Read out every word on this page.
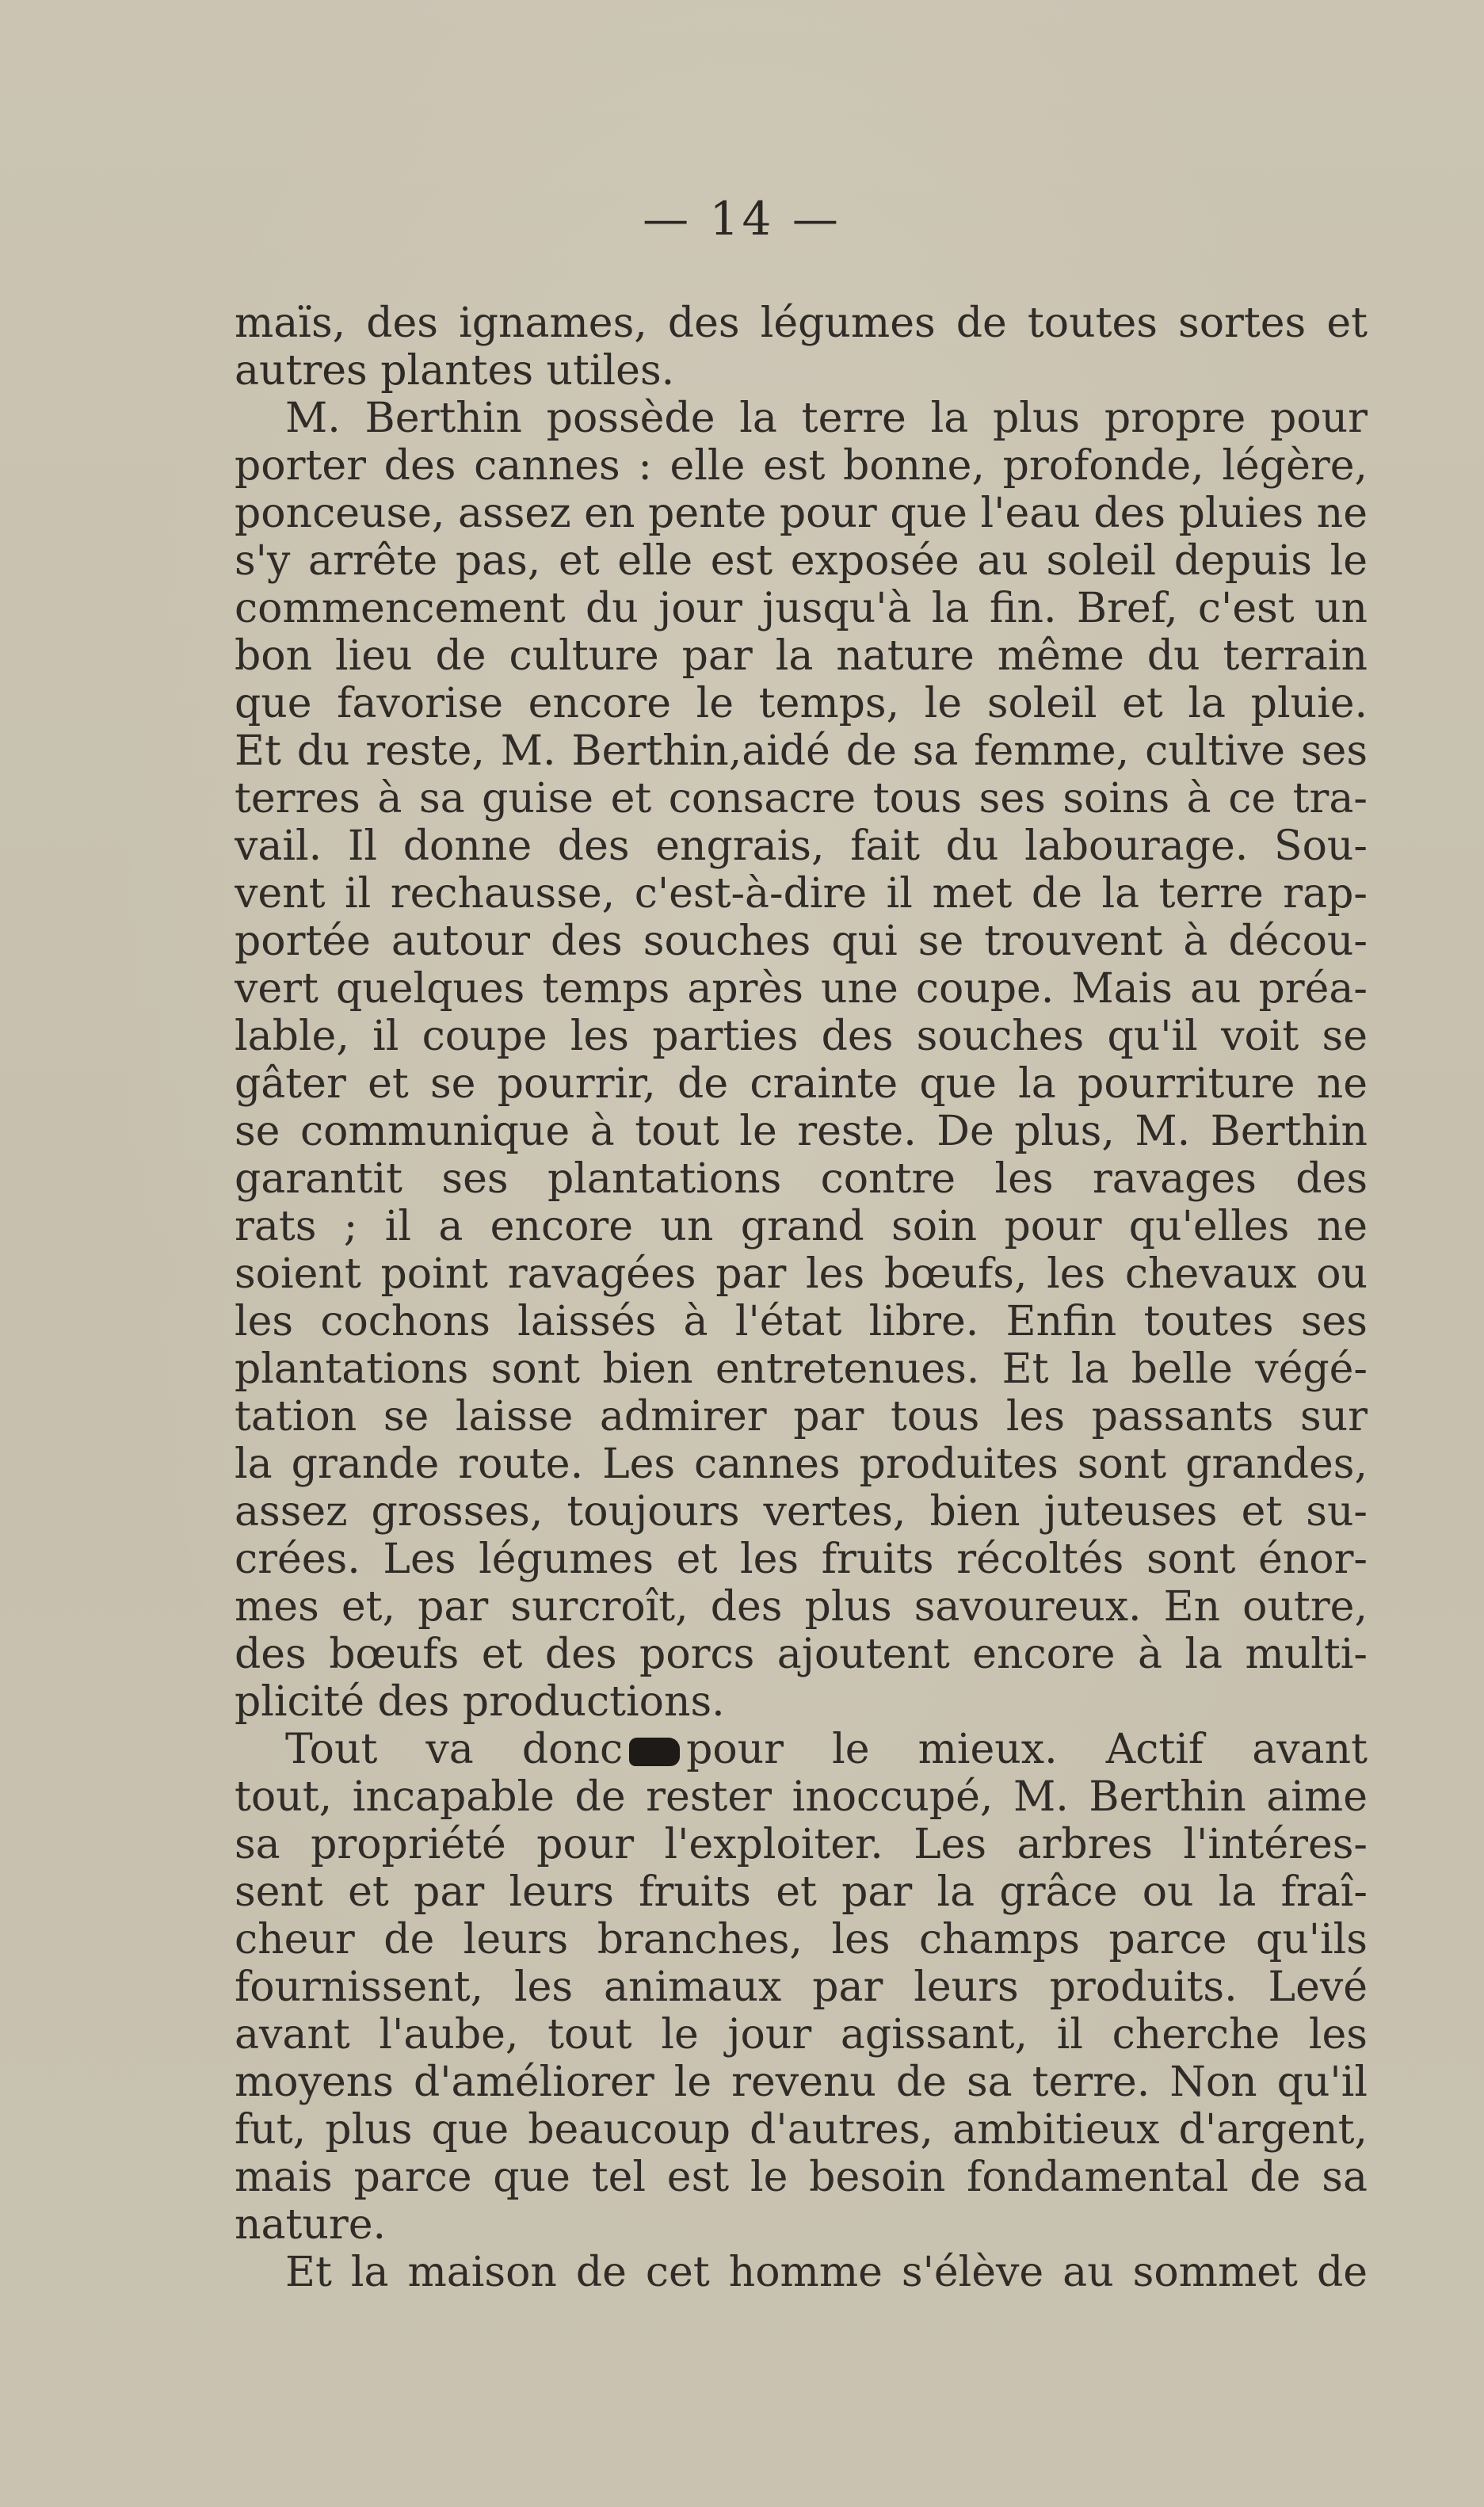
— 14 —
maïs, des ignames, des légumes de toutes sortes et
autres plantes utiles.
M. Berthin possède la terre la plus propre pour
porter des cannes : elle est bonne, profonde, légère,
ponceuse, assez en pente pour que l'eau des pluies ne
s'y arrête pas, et elle est exposée au soleil depuis le
commencement du jour jusqu'à la fin. Bref, c'est un
bon lieu de culture par la nature même du terrain
que favorise encore le temps, le soleil et la pluie.
Et du reste, M. Berthin,aidé de sa femme, cultive ses
terres à sa guise et consacre tous ses soins à ce tra-
vail. Il donne des engrais, fait du labourage. Sou-
vent il rechausse, c'est-à-dire il met de la terre rap-
portée autour des souches qui se trouvent à décou-
vert quelques temps après une coupe. Mais au préa-
lable, il coupe les parties des souches qu'il voit se
gâter et se pourrir, de crainte que la pourriture ne
se communique à tout le reste. De plus, M. Berthin
garantit ses plantations contre les ravages des
rats ; il a encore un grand soin pour qu'elles ne
soient point ravagées par les bœufs, les chevaux ou
les cochons laissés à l'état libre. Enfin toutes ses
plantations sont bien entretenues. Et la belle végé-
tation se laisse admirer par tous les passants sur
la grande route. Les cannes produites sont grandes,
assez grosses, toujours vertes, bien juteuses et su-
crées. Les légumes et les fruits récoltés sont énor-
mes et, par surcroît, des plus savoureux. En outre,
des bœufs et des porcs ajoutent encore à la multi-
plicité des productions.
Tout va donc pour le mieux. Actif avant
tout, incapable de rester inoccupé, M. Berthin aime
sa propriété pour l'exploiter. Les arbres l'intéres-
sent et par leurs fruits et par la grâce ou la fraî-
cheur de leurs branches, les champs parce qu'ils
fournissent, les animaux par leurs produits. Levé
avant l'aube, tout le jour agissant, il cherche les
moyens d'améliorer le revenu de sa terre. Non qu'il
fut, plus que beaucoup d'autres, ambitieux d'argent,
mais parce que tel est le besoin fondamental de sa
nature.
Et la maison de cet homme s'élève au sommet de
